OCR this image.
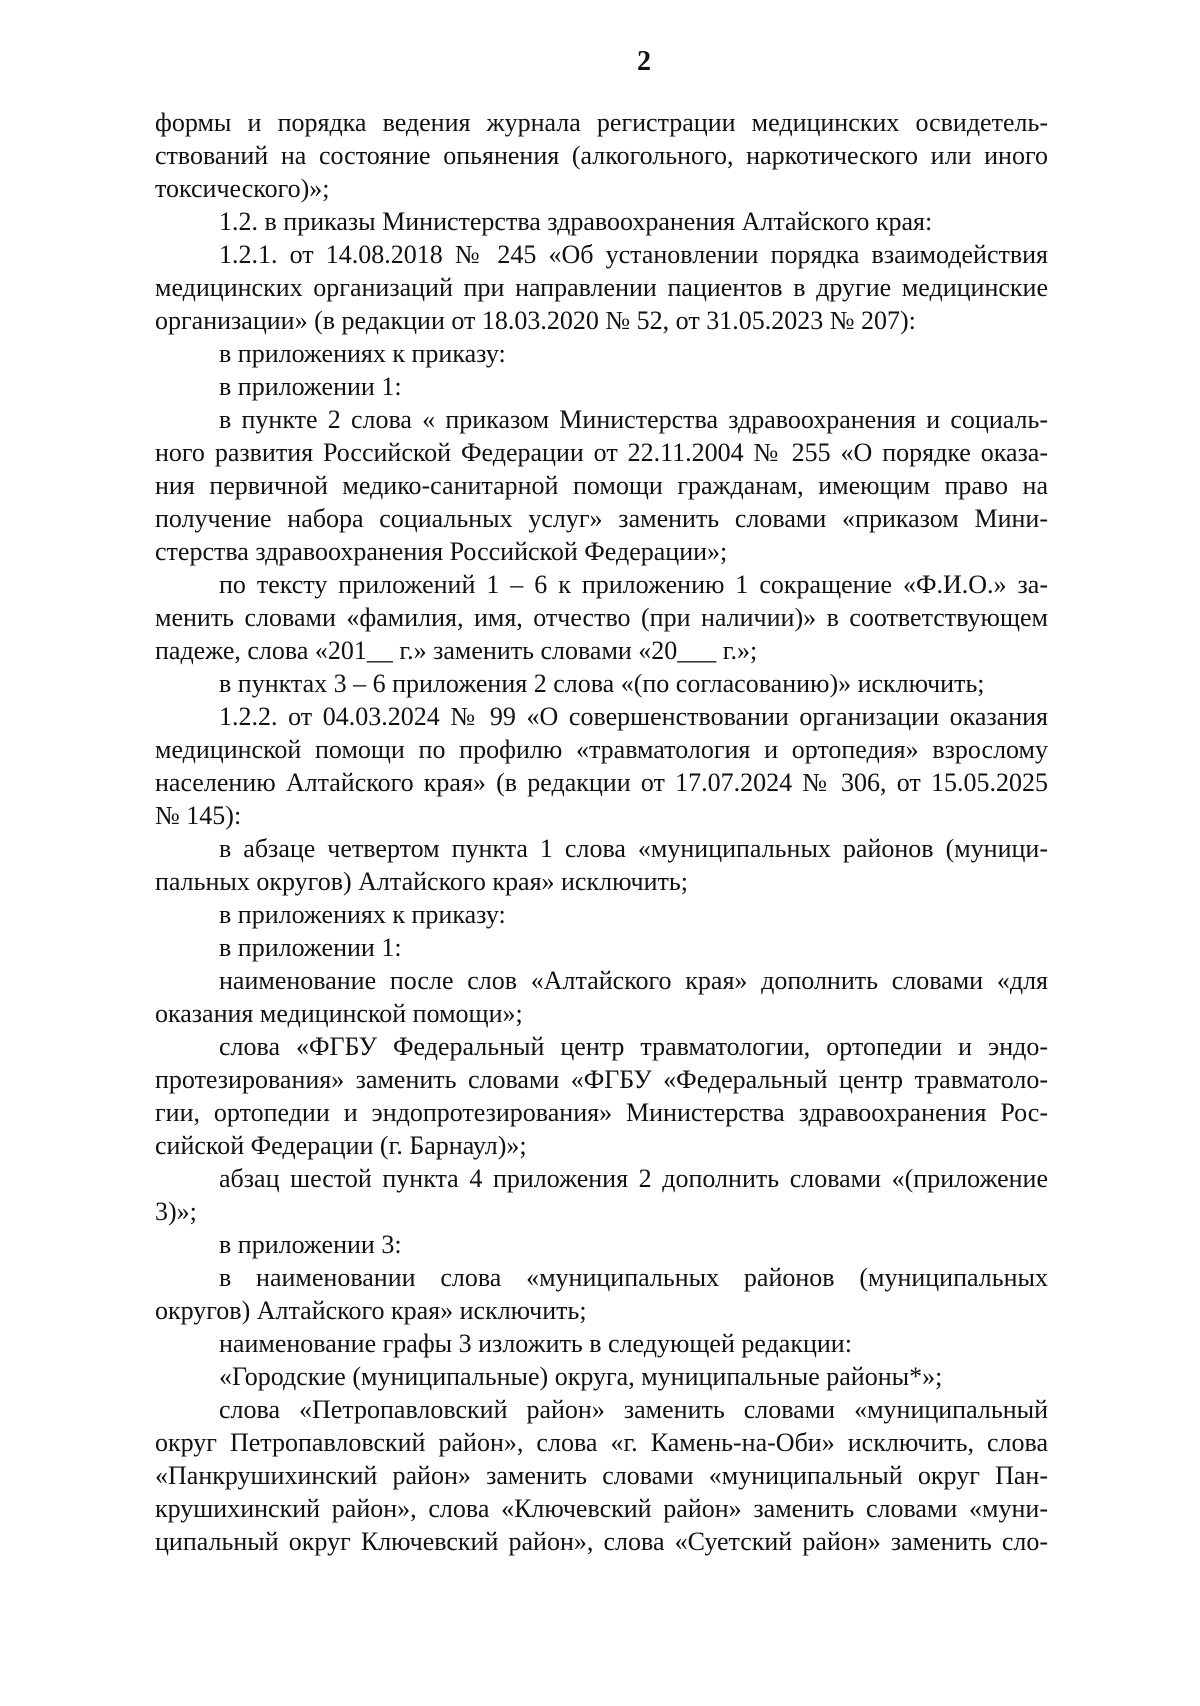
2
формы и порядка ведения журнала регистрации медицинских освидетель-
ствований на состояние опьянения (алкогольного, наркотического или иного
токсического)»;
1.2. в приказы Министерства здравоохранения Алтайского края:
1.2.1. от 14.08.2018 № 245 «Об установлении порядка взаимодействия
медицинских организаций при направлении пациентов в другие медицинские
организации» (в редакции от 18.03.2020 № 52, от 31.05.2023 № 207):
в приложениях к приказу:
в приложении 1:
в пункте 2 слова « приказом Министерства здравоохранения и социаль-
ного развития Российской Федерации от 22.11.2004 № 255 «О порядке оказа-
ния первичной медико-санитарной помощи гражданам, имеющим право на
получение набора социальных услуг» заменить словами «приказом Мини-
стерства здравоохранения Российской Федерации»;
по тексту приложений 1 – 6 к приложению 1 сокращение «Ф.И.О.» за-
менить словами «фамилия, имя, отчество (при наличии)» в соответствующем
падеже, слова «201__ г.» заменить словами «20___ г.»;
в пунктах 3 – 6 приложения 2 слова «(по согласованию)» исключить;
1.2.2. от 04.03.2024 № 99 «О совершенствовании организации оказания
медицинской помощи по профилю «травматология и ортопедия» взрослому
населению Алтайского края» (в редакции от 17.07.2024 № 306, от 15.05.2025
№ 145):
в абзаце четвертом пункта 1 слова «муниципальных районов (муници-
пальных округов) Алтайского края» исключить;
в приложениях к приказу:
в приложении 1:
наименование после слов «Алтайского края» дополнить словами «для
оказания медицинской помощи»;
слова «ФГБУ Федеральный центр травматологии, ортопедии и эндо-
протезирования» заменить словами «ФГБУ «Федеральный центр травматоло-
гии, ортопедии и эндопротезирования» Министерства здравоохранения Рос-
сийской Федерации (г. Барнаул)»;
абзац шестой пункта 4 приложения 2 дополнить словами «(приложение
3)»;
в приложении 3:
в наименовании слова «муниципальных районов (муниципальных
округов) Алтайского края» исключить;
наименование графы 3 изложить в следующей редакции:
«Городские (муниципальные) округа, муниципальные районы*»;
слова «Петропавловский район» заменить словами «муниципальный
округ Петропавловский район», слова «г. Камень-на-Оби» исключить, слова
«Панкрушихинский район» заменить словами «муниципальный округ Пан-
крушихинский район», слова «Ключевский район» заменить словами «муни-
ципальный округ Ключевский район», слова «Суетский район» заменить сло-
